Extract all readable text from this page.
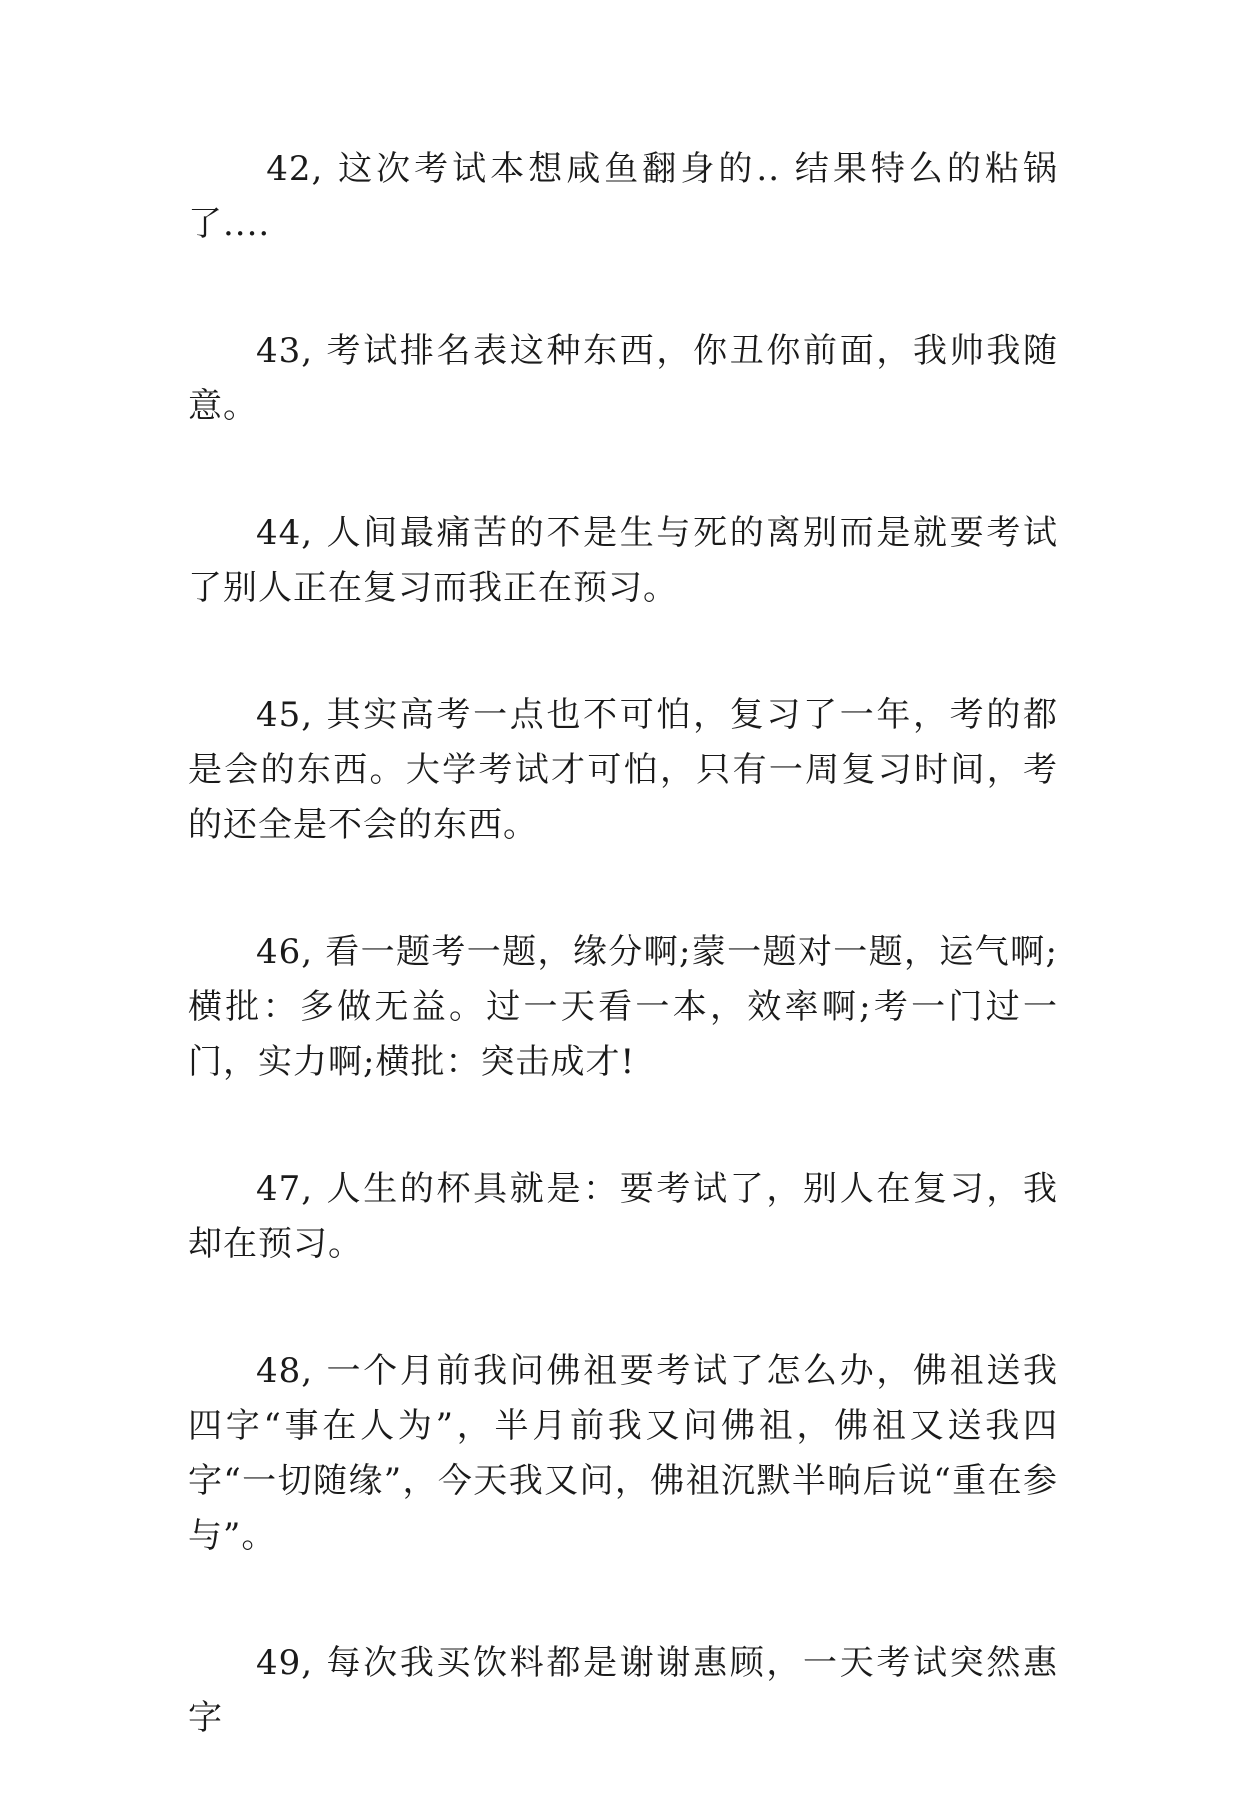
42, 这次考试本想咸鱼翻身的.. 结果特么的粘锅了....

43, 考试排名表这种东西，你丑你前面，我帅我随意。

44, 人间最痛苦的不是生与死的离别而是就要考试了别人正在复习而我正在预习。

45, 其实高考一点也不可怕，复习了一年，考的都是会的东西。大学考试才可怕，只有一周复习时间，考的还全是不会的东西。

46, 看一题考一题，缘分啊;蒙一题对一题，运气啊;横批：多做无益。过一天看一本，效率啊;考一门过一门，实力啊;横批：突击成才!

47, 人生的杯具就是：要考试了，别人在复习，我却在预习。

48, 一个月前我问佛祖要考试了怎么办，佛祖送我四字“事在人为”，半月前我又问佛祖，佛祖又送我四字“一切随缘”，今天我又问，佛祖沉默半晌后说“重在参与”。

49, 每次我买饮料都是谢谢惠顾，一天考试突然惠字
